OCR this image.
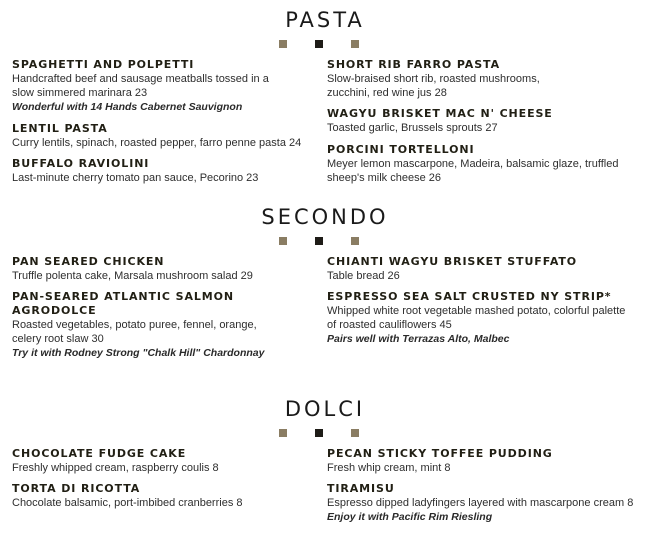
PASTA
SPAGHETTI AND POLPETTI
Handcrafted beef and sausage meatballs tossed in a
slow simmered marinara 23
Wonderful with 14 Hands Cabernet Sauvignon
LENTIL PASTA
Curry lentils, spinach, roasted pepper, farro penne pasta 24
BUFFALO RAVIOLINI
Last-minute cherry tomato pan sauce, Pecorino 23
SHORT RIB FARRO PASTA
Slow-braised short rib, roasted mushrooms,
zucchini, red wine jus 28
WAGYU BRISKET MAC N' CHEESE
Toasted garlic, Brussels sprouts 27
PORCINI TORTELLONI
Meyer lemon mascarpone, Madeira, balsamic glaze, truffled
sheep's milk cheese 26
SECONDO
PAN SEARED CHICKEN
Truffle polenta cake, Marsala mushroom salad 29
PAN-SEARED ATLANTIC SALMON
AGRODOLCE
Roasted vegetables, potato puree, fennel, orange,
celery root slaw 30
Try it with Rodney Strong "Chalk Hill" Chardonnay
CHIANTI WAGYU BRISKET STUFFATO
Table bread 26
ESPRESSO SEA SALT CRUSTED NY STRIP*
Whipped white root vegetable mashed potato, colorful palette
of roasted cauliflowers 45
Pairs well with Terrazas Alto, Malbec
DOLCI
CHOCOLATE FUDGE CAKE
Freshly whipped cream, raspberry coulis 8
TORTA DI RICOTTA
Chocolate balsamic, port-imbibed cranberries 8
PECAN STICKY TOFFEE PUDDING
Fresh whip cream, mint 8
TIRAMISU
Espresso dipped ladyfingers layered with mascarpone cream 8
Enjoy it with Pacific Rim Riesling
